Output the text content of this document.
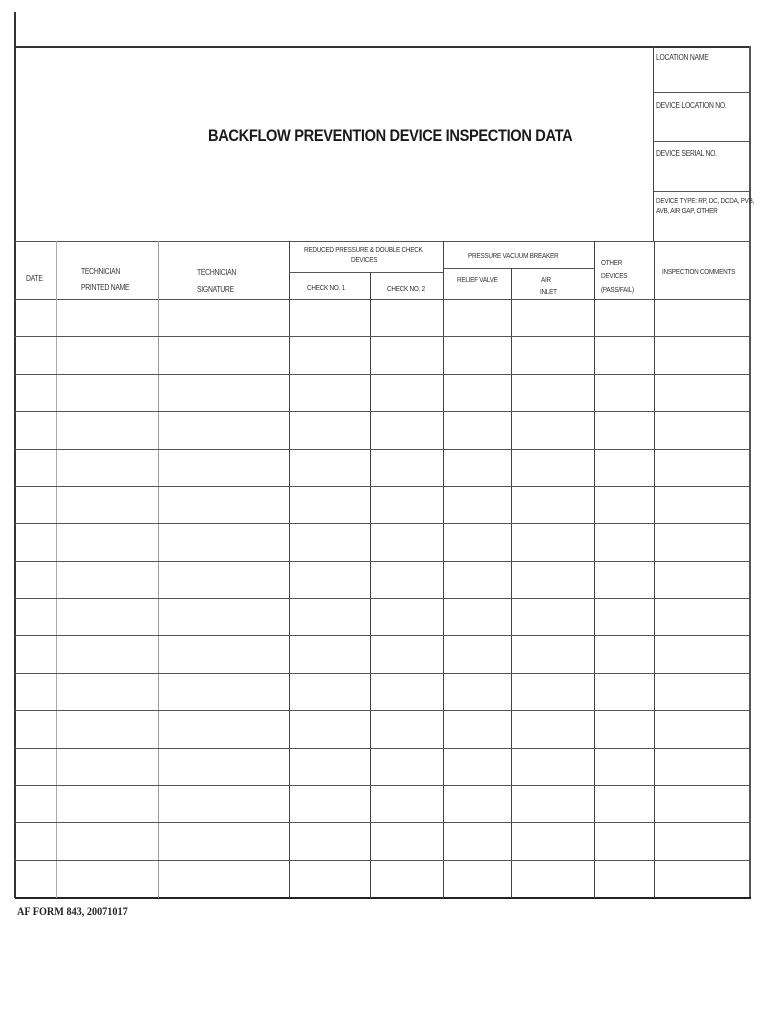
BACKFLOW PREVENTION DEVICE INSPECTION DATA
LOCATION NAME
DEVICE LOCATION NO.
DEVICE SERIAL NO.
DEVICE TYPE: RP, DC, DCDA, PVB,
AVB, AIR GAP, OTHER
DATE
TECHNICIAN
PRINTED NAME
TECHNICIAN
SIGNATURE
REDUCED PRESSURE & DOUBLE CHECK
DEVICES
CHECK NO. 1	CHECK NO. 2
PRESSURE VACUUM BREAKER
RELIEF VALVE	AIR
INLET
OTHER
DEVICES
(PASS/FAIL)
INSPECTION COMMENTS
AF FORM 843, 20071017
